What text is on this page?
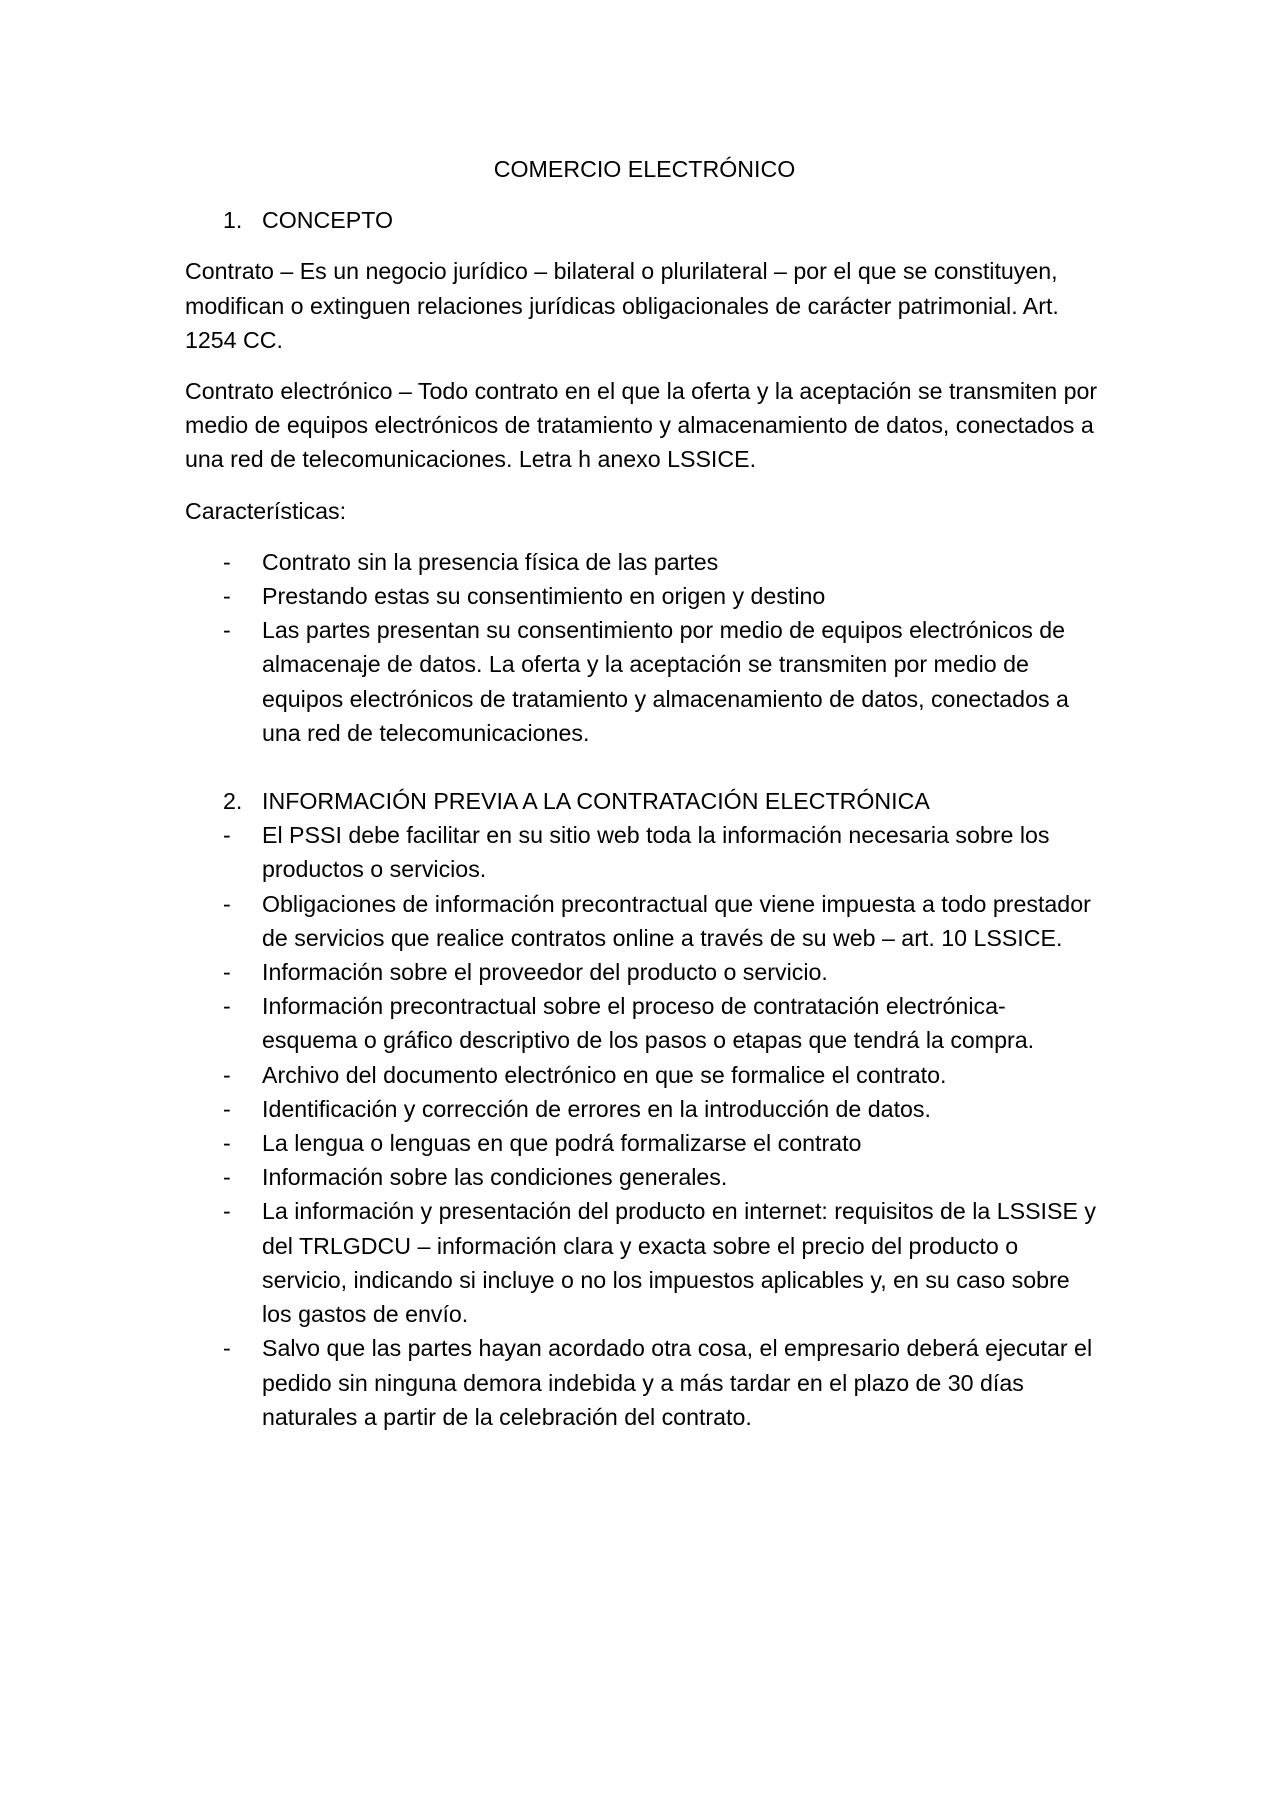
COMERCIO ELECTRÓNICO

1. CONCEPTO

Contrato – Es un negocio jurídico – bilateral o plurilateral – por el que se constituyen, modifican o extinguen relaciones jurídicas obligacionales de carácter patrimonial. Art. 1254 CC.

Contrato electrónico – Todo contrato en el que la oferta y la aceptación se transmiten por medio de equipos electrónicos de tratamiento y almacenamiento de datos, conectados a una red de telecomunicaciones. Letra h anexo LSSICE.

Características:

-	Contrato sin la presencia física de las partes
-	Prestando estas su consentimiento en origen y destino
-	Las partes presentan su consentimiento por medio de equipos electrónicos de almacenaje de datos. La oferta y la aceptación se transmiten por medio de equipos electrónicos de tratamiento y almacenamiento de datos, conectados a una red de telecomunicaciones.
2. INFORMACIÓN PREVIA A LA CONTRATACIÓN ELECTRÓNICA
-	El PSSI debe facilitar en su sitio web toda la información necesaria sobre los productos o servicios.
-	Obligaciones de información precontractual que viene impuesta a todo prestador de servicios que realice contratos online a través de su web – art. 10 LSSICE.
-	Información sobre el proveedor del producto o servicio.
-	Información precontractual sobre el proceso de contratación electrónica- esquema o gráfico descriptivo de los pasos o etapas que tendrá la compra.
-	Archivo del documento electrónico en que se formalice el contrato.
-	Identificación y corrección de errores en la introducción de datos.
-	La lengua o lenguas en que podrá formalizarse el contrato
-	Información sobre las condiciones generales.
-	La información y presentación del producto en internet: requisitos de la LSSISE y del TRLGDCU – información clara y exacta sobre el precio del producto o servicio, indicando si incluye o no los impuestos aplicables y, en su caso sobre los gastos de envío.
-	Salvo que las partes hayan acordado otra cosa, el empresario deberá ejecutar el pedido sin ninguna demora indebida y a más tardar en el plazo de 30 días naturales a partir de la celebración del contrato.
